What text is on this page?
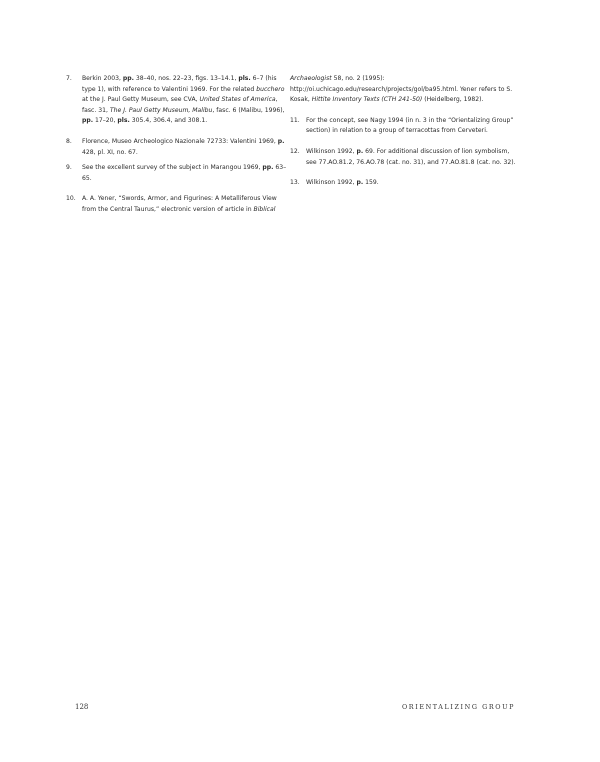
7.	Berkin 2003, pp. 38–40, nos. 22–23, figs. 13–14.1, pls. 6–7 (his type 1), with reference to Valentini 1969. For the related bucchero at the J. Paul Getty Museum, see CVA, United States of America, fasc. 31, The J. Paul Getty Museum, Malibu, fasc. 6 (Malibu, 1996), pp. 17–20, pls. 305.4, 306.4, and 308.1.

8.	Florence, Museo Archeologico Nazionale 72733: Valentini 1969, p. 428, pl. XI, no. 67.

9.	See the excellent survey of the subject in Marangou 1969, pp. 63–65.

10.	A. A. Yener, “Swords, Armor, and Figurines: A Metalliferous View from the Central Taurus,” electronic version of article in Biblical

Archaeologist 58, no. 2 (1995): http://oi.uchicago.edu/research/projects/gol/ba95.html. Yener refers to S. Kosak, Hittite Inventory Texts (CTH 241-50) (Heidelberg, 1982).

11.	For the concept, see Nagy 1994 (in n. 3 in the “Orientalizing Group” section) in relation to a group of terracottas from Cerveteri.

12.	Wilkinson 1992, p. 69. For additional discussion of lion symbolism, see 77.AO.81.2, 76.AO.78 (cat. no. 31), and 77.AO.81.8 (cat. no. 32).

13.	Wilkinson 1992, p. 159.

128	ORIENTALIZING GROUP
